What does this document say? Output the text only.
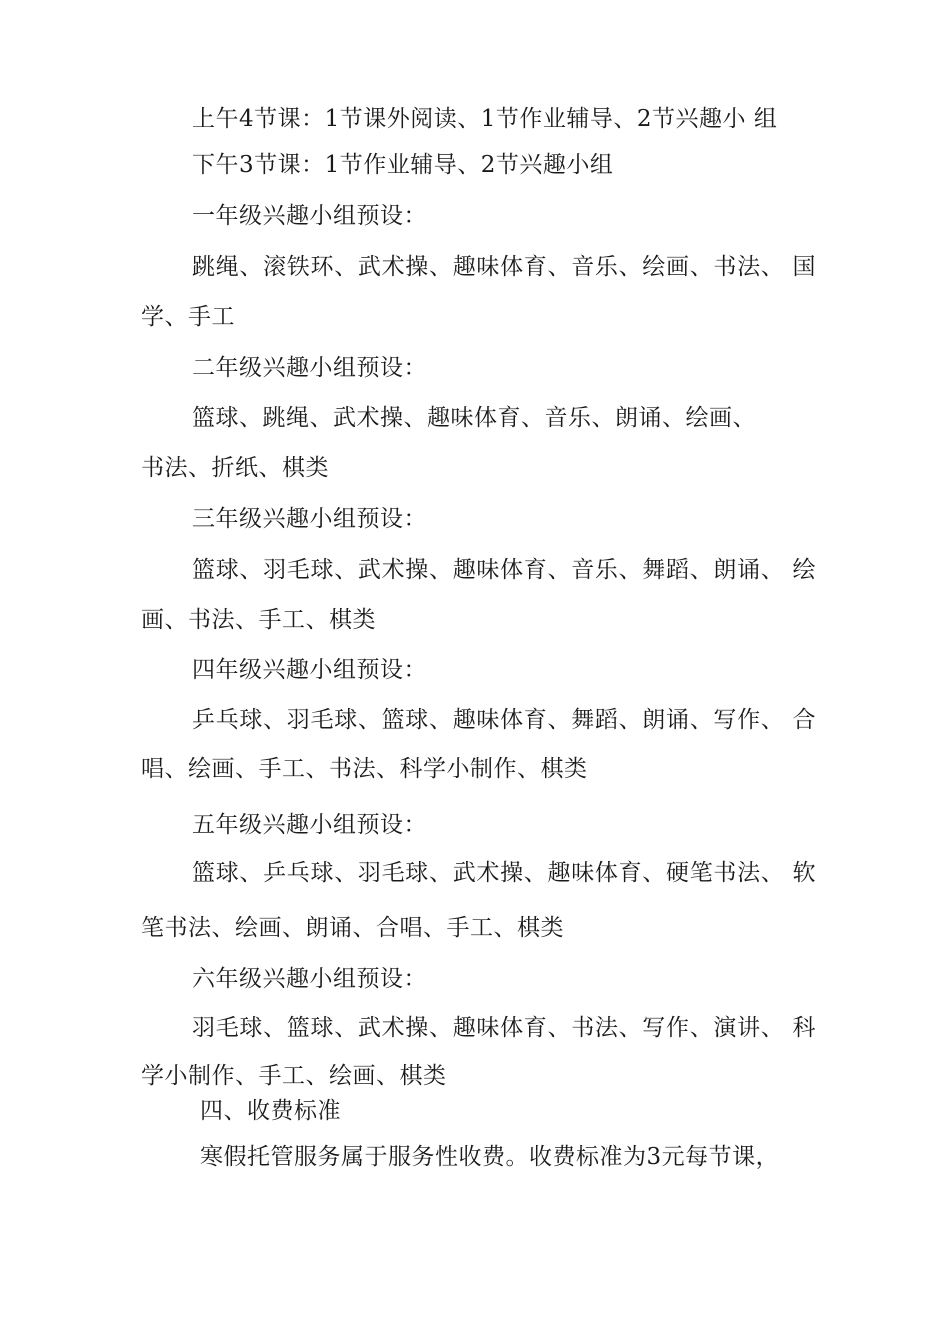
上午4节课：1节课外阅读、1节作业辅导、2节兴趣小 组
下午3节课：1节作业辅导、2节兴趣小组
一年级兴趣小组预设：
跳绳、滚铁环、武术操、趣味体育、音乐、绘画、书法、 国
学、手工
二年级兴趣小组预设：
篮球、跳绳、武术操、趣味体育、音乐、朗诵、绘画、
书法、折纸、棋类
三年级兴趣小组预设：
篮球、羽毛球、武术操、趣味体育、音乐、舞蹈、朗诵、 绘
画、书法、手工、棋类
四年级兴趣小组预设：
乒乓球、羽毛球、篮球、趣味体育、舞蹈、朗诵、写作、 合
唱、绘画、手工、书法、科学小制作、棋类
五年级兴趣小组预设：
篮球、乒乓球、羽毛球、武术操、趣味体育、硬笔书法、 软
笔书法、绘画、朗诵、合唱、手工、棋类
六年级兴趣小组预设：
羽毛球、篮球、武术操、趣味体育、书法、写作、演讲、 科
学小制作、手工、绘画、棋类
四、收费标准
寒假托管服务属于服务性收费。收费标准为3元每节课，
